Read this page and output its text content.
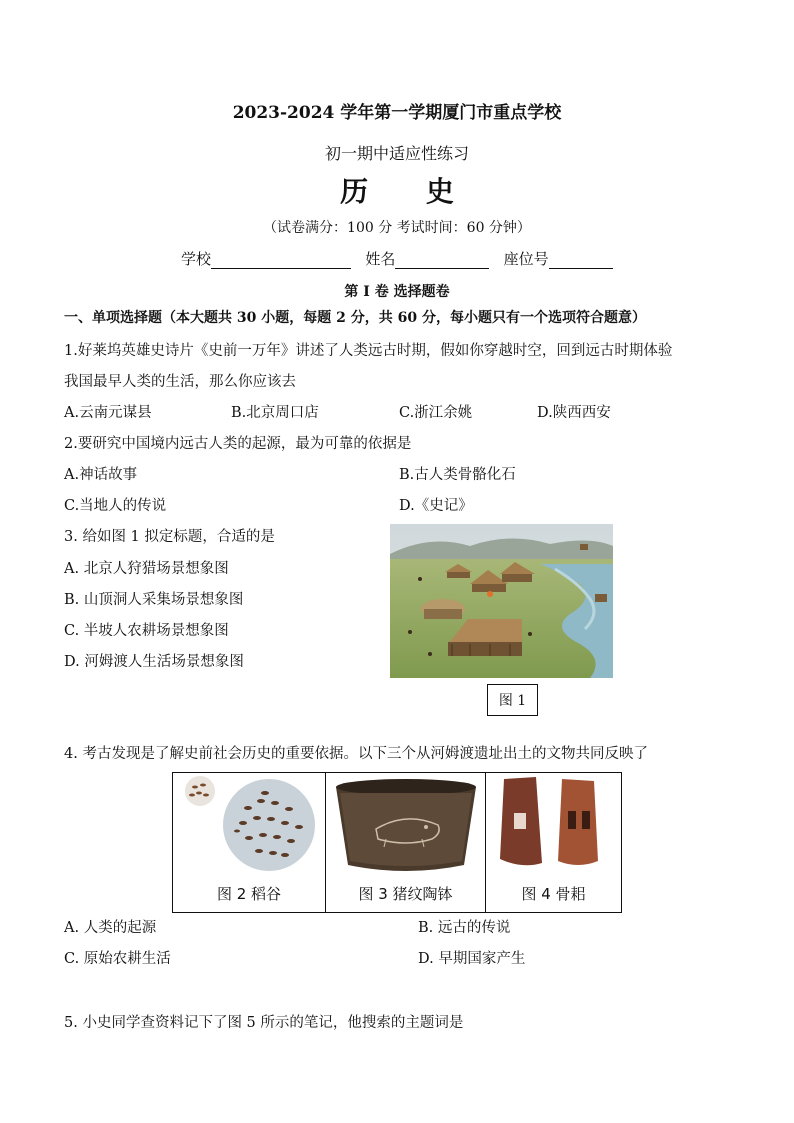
2023-2024 学年第一学期厦门市重点学校
初一期中适应性练习
历 史
（试卷满分：100 分 考试时间：60 分钟）
学校	姓名	座位号
第 I 卷 选择题卷
一、单项选择题（本大题共 30 小题，每题 2 分，共 60 分，每小题只有一个选项符合题意）
1.好莱坞英雄史诗片《史前一万年》讲述了人类远古时期，假如你穿越时空，回到远古时期体验
我国最早人类的生活，那么你应该去
A.云南元谋县	B.北京周口店	C.浙江余姚	D.陕西西安
2.要研究中国境内远古人类的起源，最为可靠的依据是
A.神话故事	B.古人类骨骼化石
C.当地人的传说	D.《史记》
3. 给如图 1 拟定标题，合适的是
A. 北京人狩猎场景想象图
B. 山顶洞人采集场景想象图
C. 半坡人农耕场景想象图
D. 河姆渡人生活场景想象图
图 1
4. 考古发现是了解史前社会历史的重要依据。以下三个从河姆渡遗址出土的文物共同反映了
图 2 稻谷	图 3 猪纹陶钵	图 4 骨耜
A. 人类的起源	B. 远古的传说
C. 原始农耕生活	D. 早期国家产生
5. 小史同学查资料记下了图 5 所示的笔记，他搜索的主题词是
